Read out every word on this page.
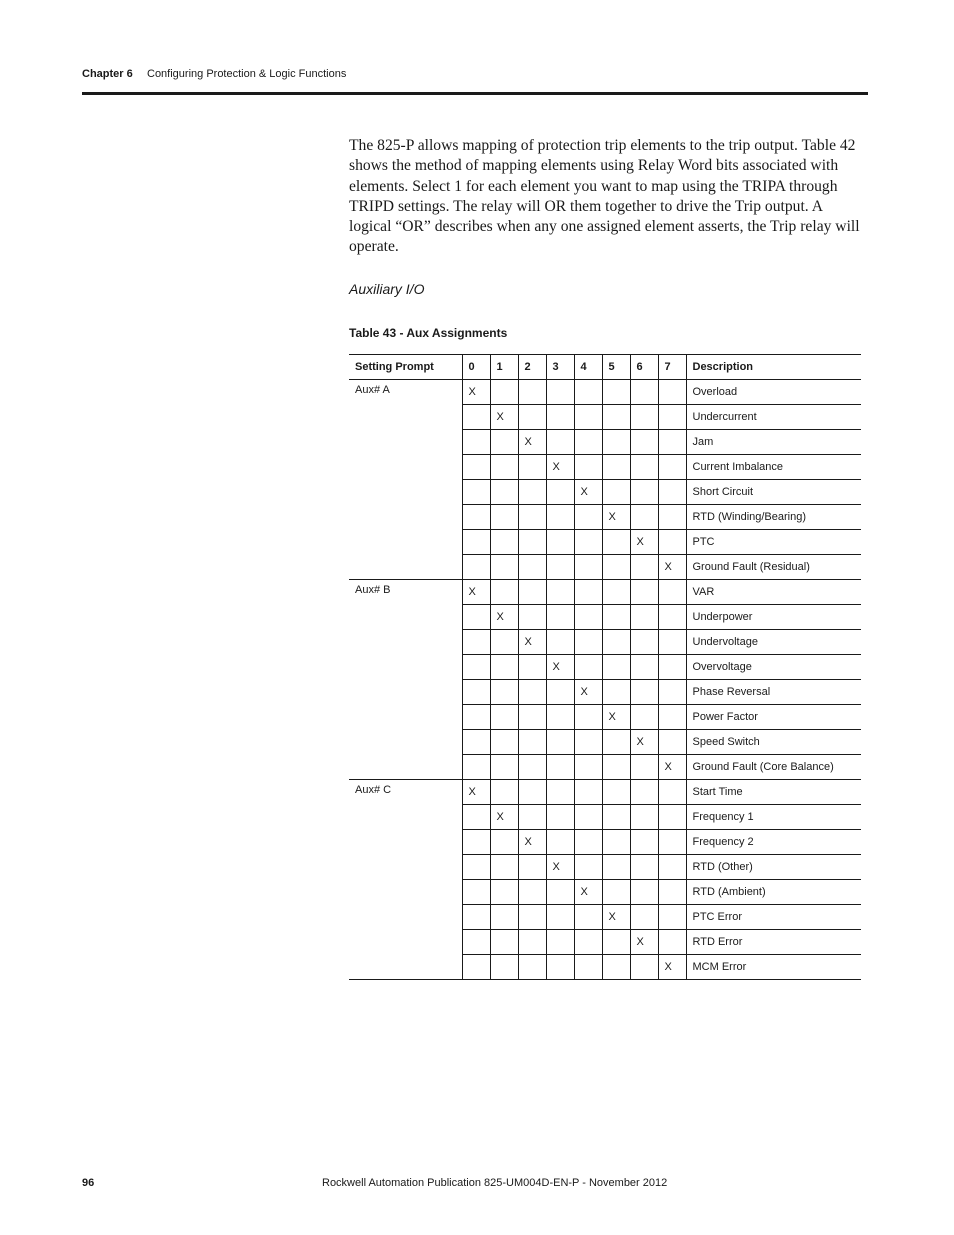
Chapter 6 Configuring Protection & Logic Functions

The 825-P allows mapping of protection trip elements to the trip output. Table 42 shows the method of mapping elements using Relay Word bits associated with elements. Select 1 for each element you want to map using the TRIPA through TRIPD settings. The relay will OR them together to drive the Trip output. A logical “OR” describes when any one assigned element asserts, the Trip relay will operate.

Auxiliary I/O
Table 43 - Aux Assignments
Setting Prompt	0	1	2	3	4	5	6	7	Description
Aux# A	X								Overload
		X							Undercurrent
			X						Jam
				X					Current Imbalance
					X				Short Circuit
						X			RTD (Winding/Bearing)
							X		PTC
								X	Ground Fault (Residual)
Aux# B	X								VAR
		X							Underpower
			X						Undervoltage
				X					Overvoltage
					X				Phase Reversal
						X			Power Factor
							X		Speed Switch
								X	Ground Fault (Core Balance)
Aux# C	X								Start Time
		X							Frequency 1
			X						Frequency 2
				X					RTD (Other)
					X				RTD (Ambient)
						X			PTC Error
							X		RTD Error
								X	MCM Error
96	Rockwell Automation Publication 825-UM004D-EN-P - November 2012
